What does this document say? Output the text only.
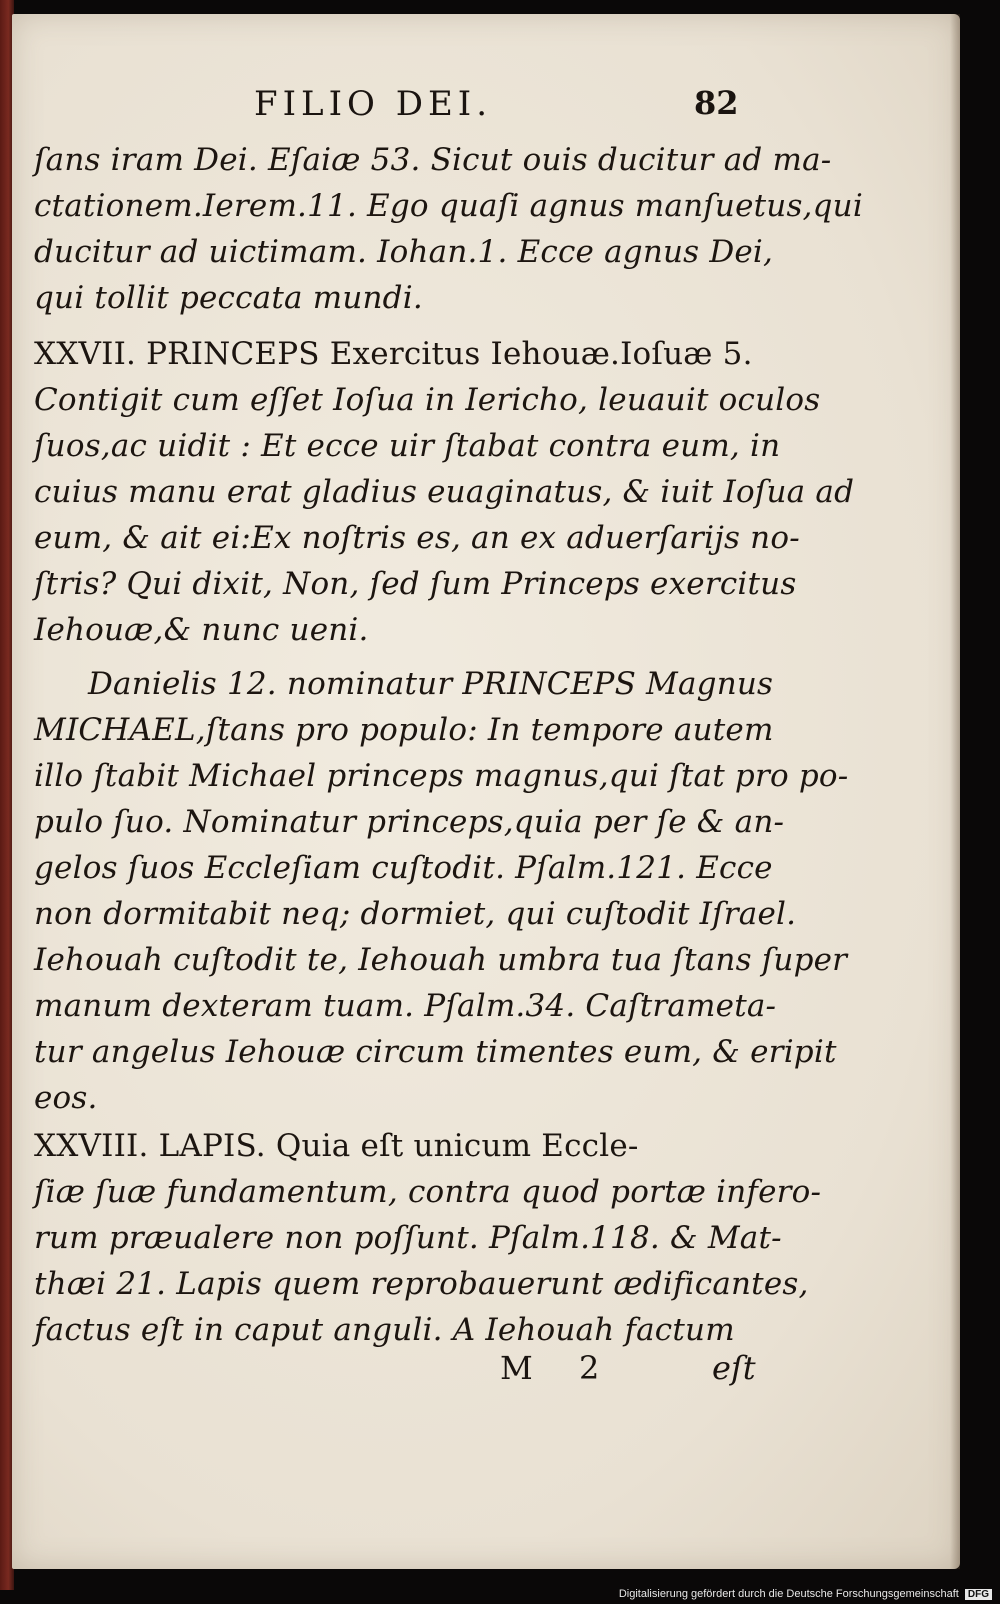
FILIO DEI.	82
ſans iram Dei. Eſaiæ 53. Sicut ouis ducitur ad ma-
ctationem.Ierem.11. Ego quaſi agnus manſuetus,qui
ducitur ad uictimam. Iohan.1. Ecce agnus Dei,
qui tollit peccata mundi.
XXVII. PRINCEPS Exercitus Iehouæ.Ioſuæ 5.
Contigit cum eſſet Ioſua in Iericho, leuauit oculos
ſuos,ac uidit : Et ecce uir ſtabat contra eum, in
cuius manu erat gladius euaginatus, & iuit Ioſua ad
eum, & ait ei:Ex noſtris es, an ex aduerſarijs no-
ſtris? Qui dixit, Non, ſed ſum Princeps exercitus
Iehouæ,& nunc ueni.
Danielis 12. nominatur PRINCEPS Magnus
MICHAEL,ſtans pro populo: In tempore autem
illo ſtabit Michael princeps magnus,qui ſtat pro po-
pulo ſuo. Nominatur princeps,quia per ſe & an-
gelos ſuos Eccleſiam cuſtodit. Pſalm.121. Ecce
non dormitabit neq; dormiet, qui cuſtodit Iſrael.
Iehouah cuſtodit te, Iehouah umbra tua ſtans ſuper
manum dexteram tuam. Pſalm.34. Caſtrameta-
tur angelus Iehouæ circum timentes eum, & eripit
eos.
XXVIII. LAPIS. Quia eſt unicum Eccle-
ſiæ ſuæ fundamentum, contra quod portæ infero-
rum præualere non poſſunt. Pſalm.118. & Mat-
thæi 21. Lapis quem reprobauerunt ædificantes,
factus eſt in caput anguli. A Iehouah factum
M 2	eſt
Digitalisierung gefördert durch die Deutsche Forschungsgemeinschaft DFG
